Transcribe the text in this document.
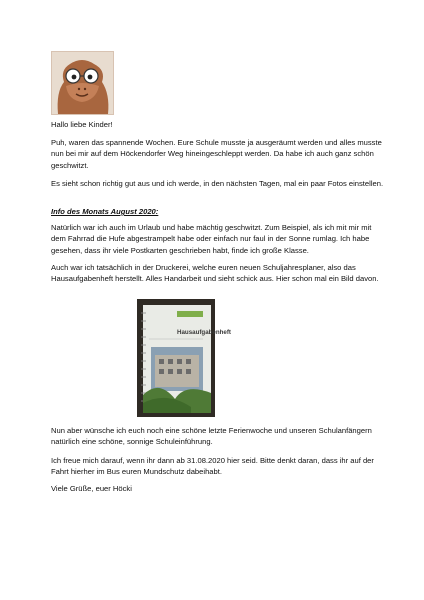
Hallo liebe Kinder!

Puh, waren das spannende Wochen. Eure Schule musste ja ausgeräumt werden und alles musste nun bei mir auf dem Höckendorfer Weg hineingeschleppt werden. Da habe ich auch ganz schön geschwitzt.

Es sieht schon richtig gut aus und ich werde, in den nächsten Tagen, mal ein paar Fotos einstellen.

Info des Monats August 2020:

Natürlich war ich auch im Urlaub und habe mächtig geschwitzt. Zum Beispiel, als ich mit mir mit dem Fahrrad die Hufe abgestrampelt habe oder einfach nur faul in der Sonne rumlag. Ich habe gesehen, dass ihr viele Postkarten geschrieben habt, finde ich große Klasse.

Auch war ich tatsächlich in der Druckerei, welche euren neuen Schuljahresplaner, also das Hausaufgabenheft herstellt. Alles Handarbeit und sieht schick aus. Hier schon mal ein Bild davon.

Hausaufgabenheft

Nun aber wünsche ich euch noch eine schöne letzte Ferienwoche und unseren Schulanfängern natürlich eine schöne, sonnige Schuleinführung.

Ich freue mich darauf, wenn ihr dann ab 31.08.2020 hier seid. Bitte denkt daran, dass ihr auf der Fahrt hierher im Bus euren Mundschutz dabeihabt.

Viele Grüße, euer Höcki
